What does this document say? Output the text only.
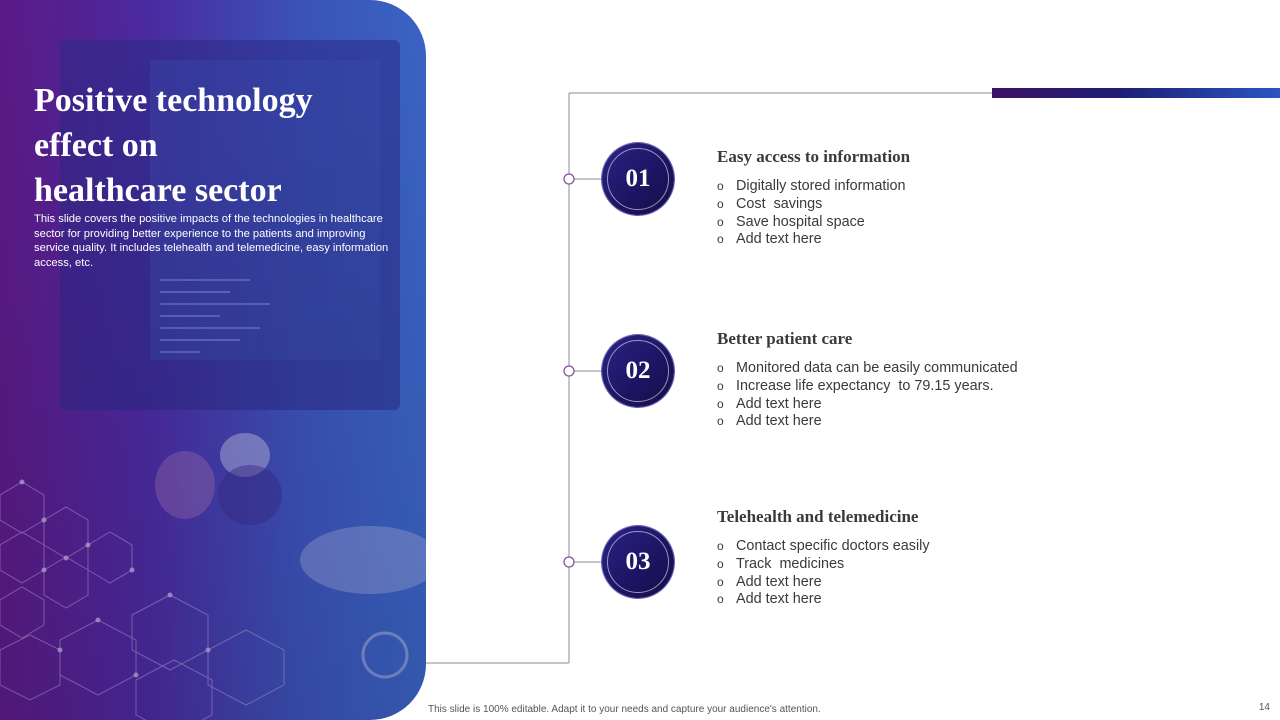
Positive technology
effect on
healthcare sector

This slide covers the positive impacts of the technologies in healthcare sector for providing better experience to the patients and improving service quality. It includes telehealth and telemedicine, easy information access, etc.

01
Easy access to information
o Digitally stored information
o Cost  savings
o Save hospital space
o Add text here
02
Better patient care
o Monitored data can be easily communicated
o Increase life expectancy  to 79.15 years.
o Add text here
o Add text here
03
Telehealth and telemedicine
o Contact specific doctors easily
o Track  medicines
o Add text here
o Add text here

This slide is 100% editable. Adapt it to your needs and capture your audience's attention.	14
